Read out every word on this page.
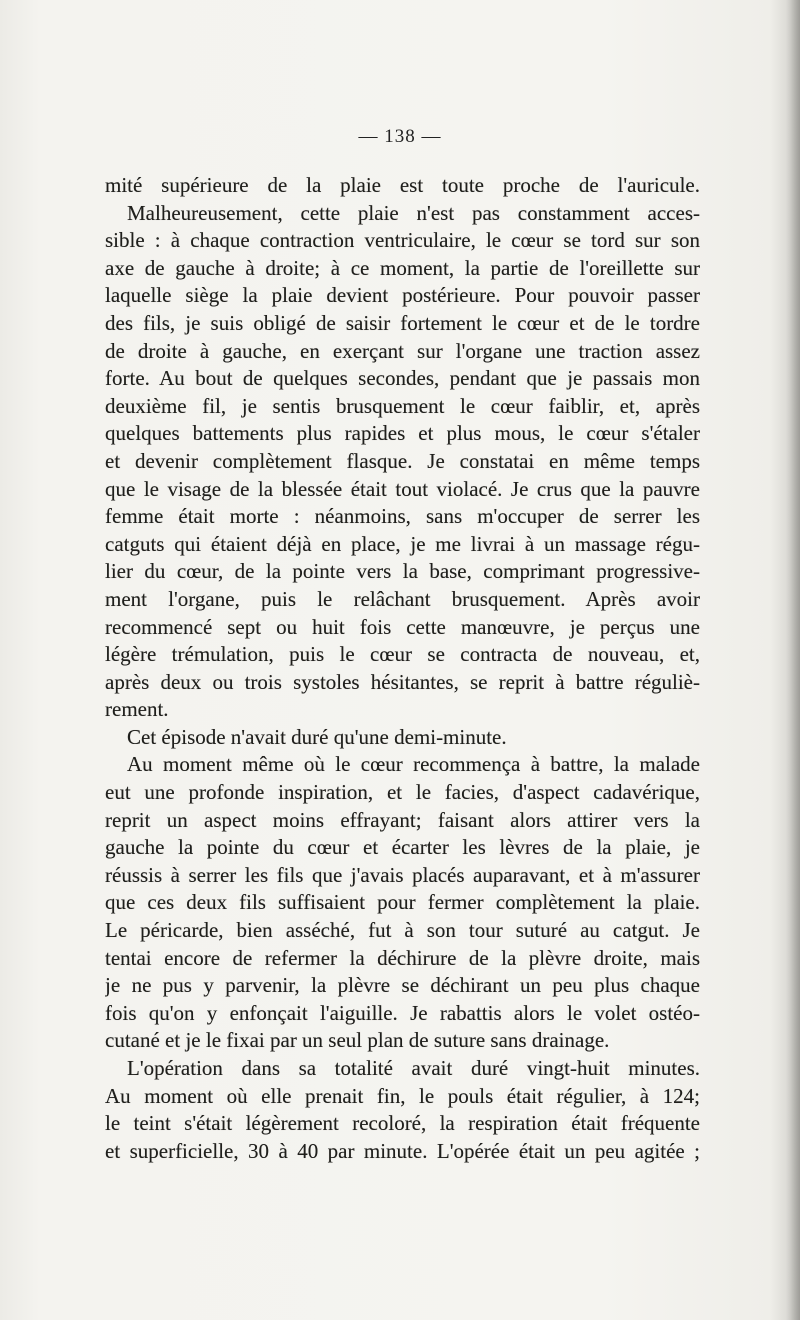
— 138 —
mité supérieure de la plaie est toute proche de l'auricule.
Malheureusement, cette plaie n'est pas constamment acces-
sible : à chaque contraction ventriculaire, le cœur se tord sur son
axe de gauche à droite; à ce moment, la partie de l'oreillette sur
laquelle siège la plaie devient postérieure. Pour pouvoir passer
des fils, je suis obligé de saisir fortement le cœur et de le tordre
de droite à gauche, en exerçant sur l'organe une traction assez
forte. Au bout de quelques secondes, pendant que je passais mon
deuxième fil, je sentis brusquement le cœur faiblir, et, après
quelques battements plus rapides et plus mous, le cœur s'étaler
et devenir complètement flasque. Je constatai en même temps
que le visage de la blessée était tout violacé. Je crus que la pauvre
femme était morte : néanmoins, sans m'occuper de serrer les
catguts qui étaient déjà en place, je me livrai à un massage régu-
lier du cœur, de la pointe vers la base, comprimant progressive-
ment l'organe, puis le relâchant brusquement. Après avoir
recommencé sept ou huit fois cette manœuvre, je perçus une
légère trémulation, puis le cœur se contracta de nouveau, et,
après deux ou trois systoles hésitantes, se reprit à battre réguliè-
rement.
Cet épisode n'avait duré qu'une demi-minute.
Au moment même où le cœur recommença à battre, la malade
eut une profonde inspiration, et le facies, d'aspect cadavérique,
reprit un aspect moins effrayant; faisant alors attirer vers la
gauche la pointe du cœur et écarter les lèvres de la plaie, je
réussis à serrer les fils que j'avais placés auparavant, et à m'assurer
que ces deux fils suffisaient pour fermer complètement la plaie.
Le péricarde, bien asséché, fut à son tour suturé au catgut. Je
tentai encore de refermer la déchirure de la plèvre droite, mais
je ne pus y parvenir, la plèvre se déchirant un peu plus chaque
fois qu'on y enfonçait l'aiguille. Je rabattis alors le volet ostéo-
cutané et je le fixai par un seul plan de suture sans drainage.
L'opération dans sa totalité avait duré vingt-huit minutes.
Au moment où elle prenait fin, le pouls était régulier, à 124;
le teint s'était légèrement recoloré, la respiration était fréquente
et superficielle, 30 à 40 par minute. L'opérée était un peu agitée ;
